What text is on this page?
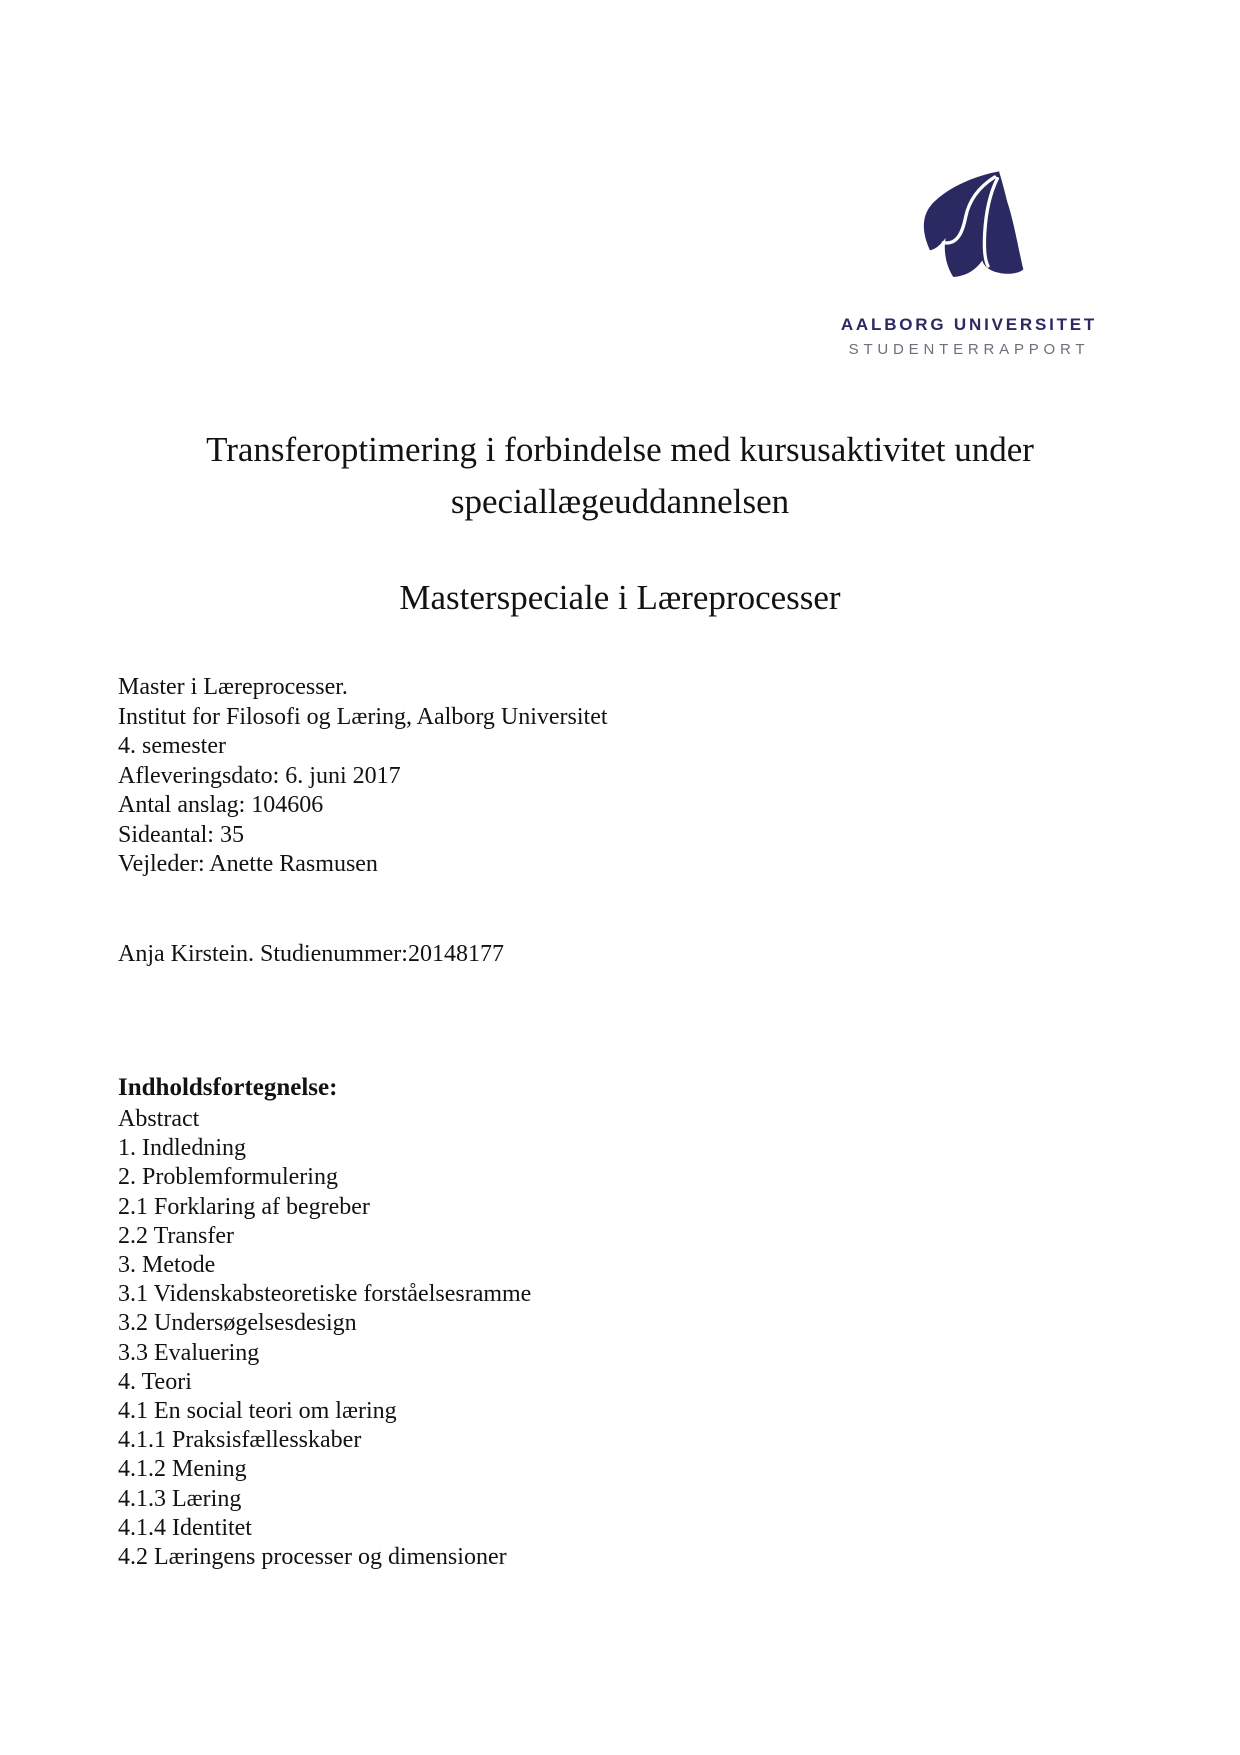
AALBORG UNIVERSITET
STUDENTERRAPPORT
Transferoptimering i forbindelse med kursusaktivitet under
speciallægeuddannelsen
Masterspeciale i Læreprocesser
Master i Læreprocesser.
Institut for Filosofi og Læring, Aalborg Universitet
4. semester
Afleveringsdato: 6. juni 2017
Antal anslag: 104606
Sideantal: 35
Vejleder: Anette Rasmusen
Anja Kirstein. Studienummer:20148177
Indholdsfortegnelse:
Abstract
1. Indledning
2. Problemformulering
2.1 Forklaring af begreber
2.2 Transfer
3. Metode
3.1 Videnskabsteoretiske forståelsesramme
3.2 Undersøgelsesdesign
3.3 Evaluering
4. Teori
4.1 En social teori om læring
4.1.1 Praksisfællesskaber
4.1.2 Mening
4.1.3 Læring
4.1.4 Identitet
4.2 Læringens processer og dimensioner
